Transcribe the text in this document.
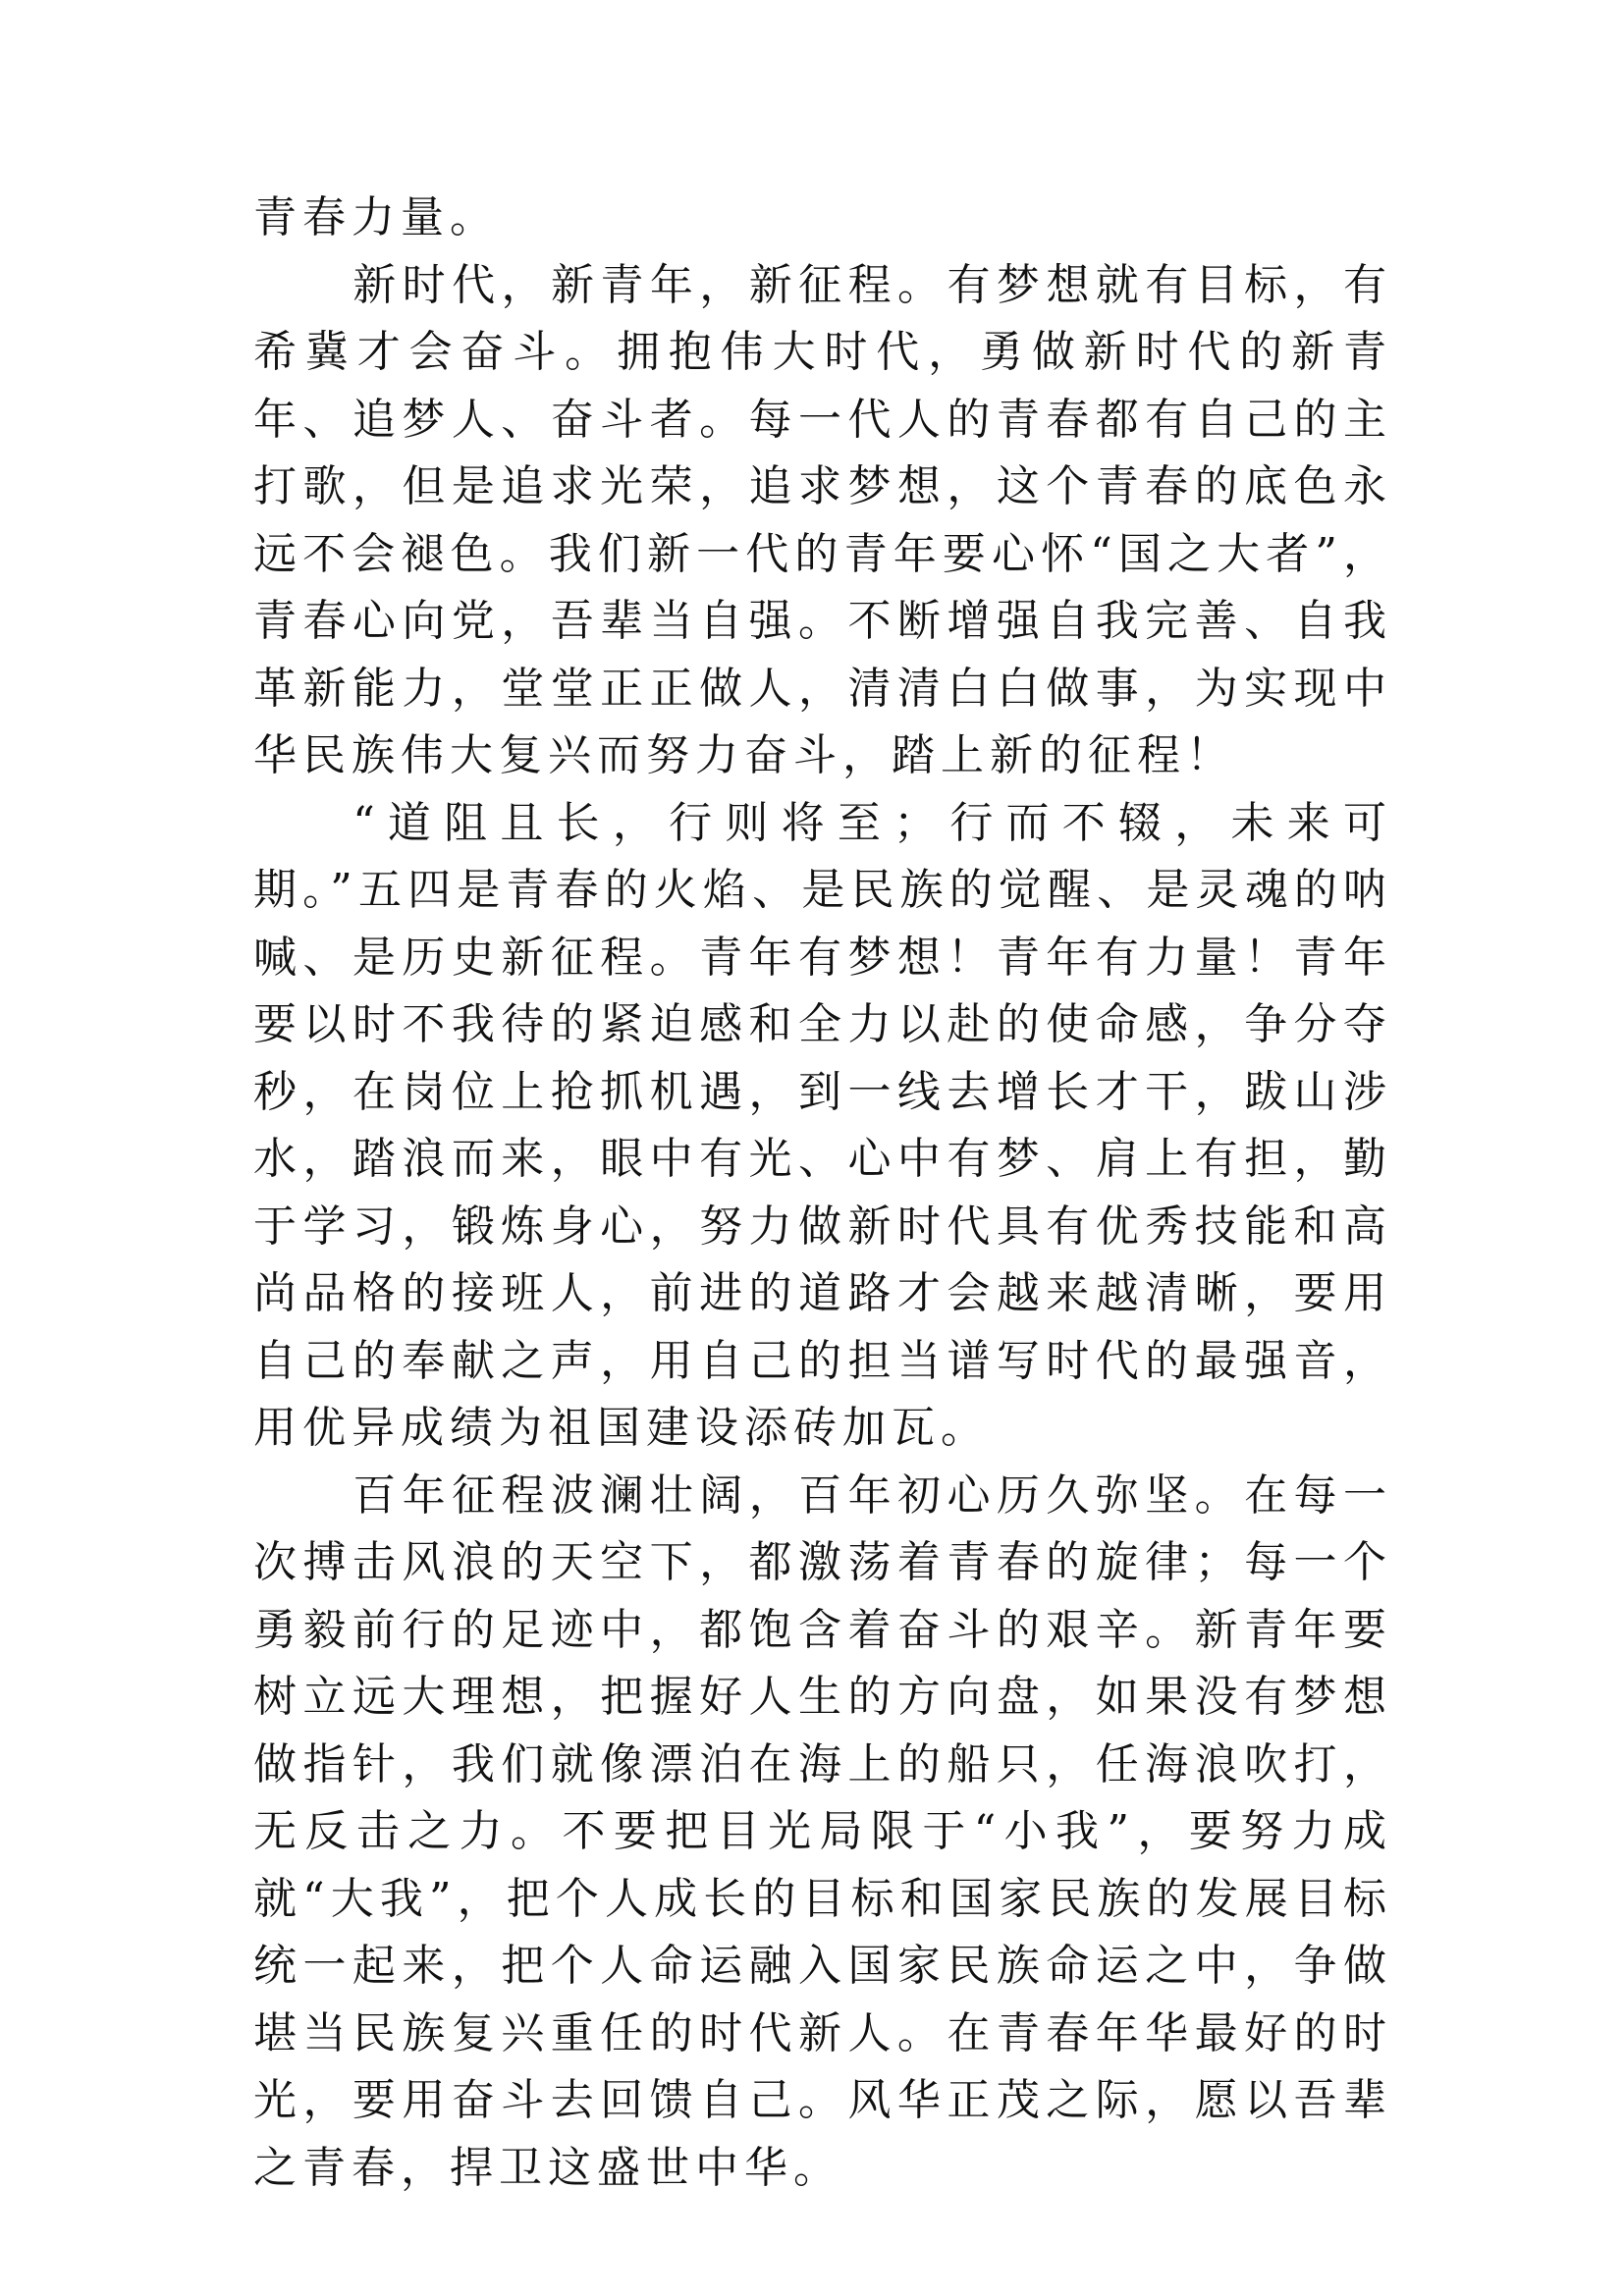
青春力量。

新时代，新青年，新征程。有梦想就有目标，有希冀才会奋斗。拥抱伟大时代，勇做新时代的新青年、追梦人、奋斗者。每一代人的青春都有自己的主打歌，但是追求光荣，追求梦想，这个青春的底色永远不会褪色。我们新一代的青年要心怀“国之大者”，青春心向党，吾辈当自强。不断增强自我完善、自我革新能力，堂堂正正做人，清清白白做事，为实现中华民族伟大复兴而努力奋斗，踏上新的征程！

“道阻且长，行则将至；行而不辍，未来可期。”五四是青春的火焰、是民族的觉醒、是灵魂的呐喊、是历史新征程。青年有梦想！青年有力量！青年要以时不我待的紧迫感和全力以赴的使命感，争分夺秒，在岗位上抢抓机遇，到一线去增长才干，跋山涉水，踏浪而来，眼中有光、心中有梦、肩上有担，勤于学习，锻炼身心，努力做新时代具有优秀技能和高尚品格的接班人，前进的道路才会越来越清晰，要用自己的奉献之声，用自己的担当谱写时代的最强音，用优异成绩为祖国建设添砖加瓦。

百年征程波澜壮阔，百年初心历久弥坚。在每一次搏击风浪的天空下，都激荡着青春的旋律；每一个勇毅前行的足迹中，都饱含着奋斗的艰辛。新青年要树立远大理想，把握好人生的方向盘，如果没有梦想做指针，我们就像漂泊在海上的船只，任海浪吹打，无反击之力。不要把目光局限于“小我”，要努力成就“大我”，把个人成长的目标和国家民族的发展目标统一起来，把个人命运融入国家民族命运之中，争做堪当民族复兴重任的时代新人。在青春年华最好的时光，要用奋斗去回馈自己。风华正茂之际，愿以吾辈之青春，捍卫这盛世中华。
